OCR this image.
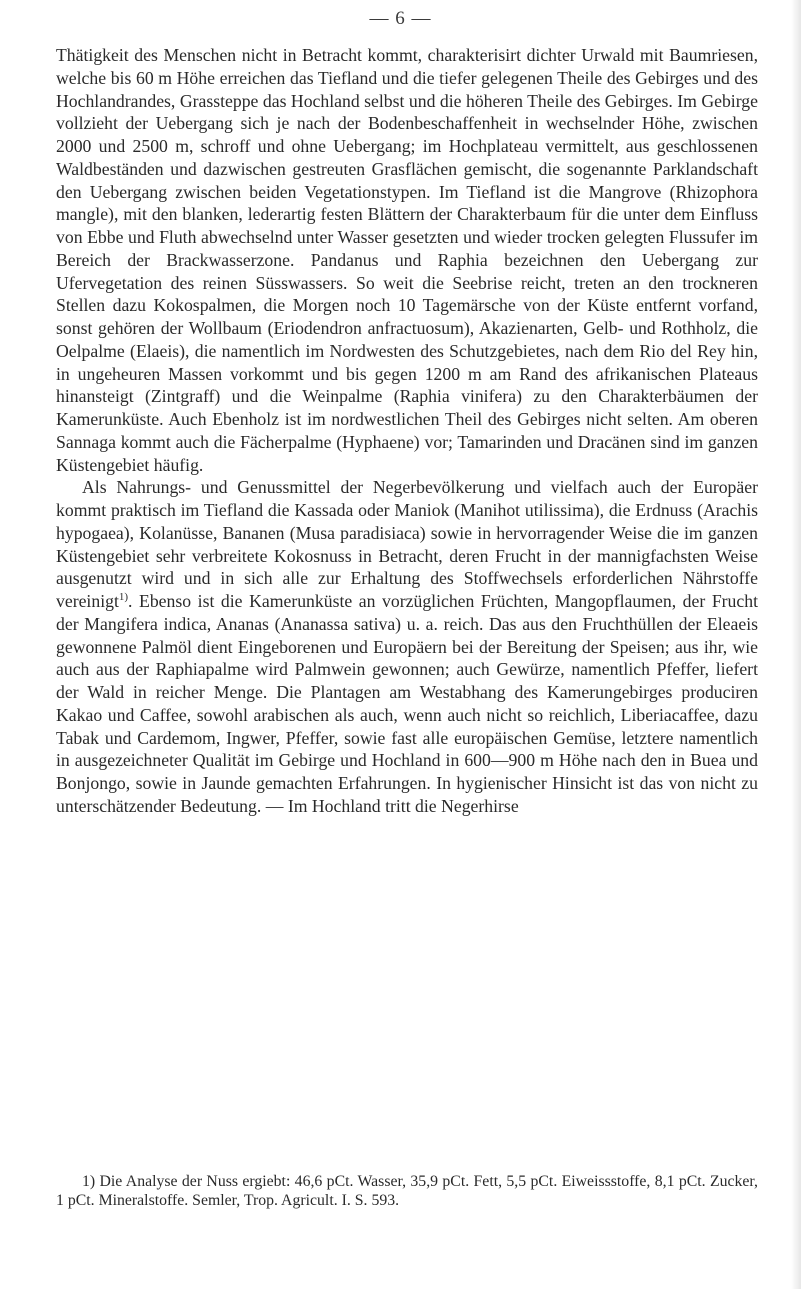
— 6 —

Thätigkeit des Menschen nicht in Betracht kommt, charakterisirt dichter Urwald mit Baumriesen, welche bis 60 m Höhe erreichen das Tiefland und die tiefer gelegenen Theile des Gebirges und des Hochlandrandes, Grassteppe das Hochland selbst und die höheren Theile des Gebirges. Im Gebirge vollzieht der Uebergang sich je nach der Bodenbeschaffenheit in wechselnder Höhe, zwischen 2000 und 2500 m, schroff und ohne Uebergang; im Hochplateau vermittelt, aus geschlossenen Waldbeständen und dazwischen gestreuten Grasflächen gemischt, die sogenannte Parklandschaft den Uebergang zwischen beiden Vegetationstypen. Im Tiefland ist die Mangrove (Rhizophora mangle), mit den blanken, lederartig festen Blättern der Charakterbaum für die unter dem Einfluss von Ebbe und Fluth abwechselnd unter Wasser gesetzten und wieder trocken gelegten Flussufer im Bereich der Brackwasserzone. Pandanus und Raphia bezeichnen den Uebergang zur Ufervegetation des reinen Süsswassers. So weit die Seebrise reicht, treten an den trockneren Stellen dazu Kokospalmen, die Morgen noch 10 Tagemärsche von der Küste entfernt vorfand, sonst gehören der Wollbaum (Eriodendron anfractuosum), Akazienarten, Gelb- und Rothholz, die Oelpalme (Elaeis), die namentlich im Nordwesten des Schutzgebietes, nach dem Rio del Rey hin, in ungeheuren Massen vorkommt und bis gegen 1200 m am Rand des afrikanischen Plateaus hinansteigt (Zintgraff) und die Weinpalme (Raphia vinifera) zu den Charakterbäumen der Kamerunküste. Auch Ebenholz ist im nordwestlichen Theil des Gebirges nicht selten. Am oberen Sannaga kommt auch die Fächerpalme (Hyphaene) vor; Tamarinden und Dracänen sind im ganzen Küstengebiet häufig.

Als Nahrungs- und Genussmittel der Negerbevölkerung und vielfach auch der Europäer kommt praktisch im Tiefland die Kassada oder Maniok (Manihot utilissima), die Erdnuss (Arachis hypogaea), Kolanüsse, Bananen (Musa paradisiaca) sowie in hervorragender Weise die im ganzen Küstengebiet sehr verbreitete Kokosnuss in Betracht, deren Frucht in der mannigfachsten Weise ausgenutzt wird und in sich alle zur Erhaltung des Stoffwechsels erforderlichen Nährstoffe vereinigt$^{1)}$. Ebenso ist die Kamerunküste an vorzüglichen Früchten, Mangopflaumen, der Frucht der Mangifera indica, Ananas (Ananassa sativa) u. a. reich. Das aus den Fruchthüllen der Eleaeis gewonnene Palmöl dient Eingeborenen und Europäern bei der Bereitung der Speisen; aus ihr, wie auch aus der Raphiapalme wird Palmwein gewonnen; auch Gewürze, namentlich Pfeffer, liefert der Wald in reicher Menge. Die Plantagen am Westabhang des Kamerungebirges produciren Kakao und Caffee, sowohl arabischen als auch, wenn auch nicht so reichlich, Liberiacaffee, dazu Tabak und Cardemom, Ingwer, Pfeffer, sowie fast alle europäischen Gemüse, letztere namentlich in ausgezeichneter Qualität im Gebirge und Hochland in 600—900 m Höhe nach den in Buea und Bonjongo, sowie in Jaunde gemachten Erfahrungen. In hygienischer Hinsicht ist das von nicht zu unterschätzender Bedeutung. — Im Hochland tritt die Negerhirse

1) Die Analyse der Nuss ergiebt: 46,6 pCt. Wasser, 35,9 pCt. Fett, 5,5 pCt. Eiweissstoffe, 8,1 pCt. Zucker, 1 pCt. Mineralstoffe. Semler, Trop. Agricult. I. S. 593.
